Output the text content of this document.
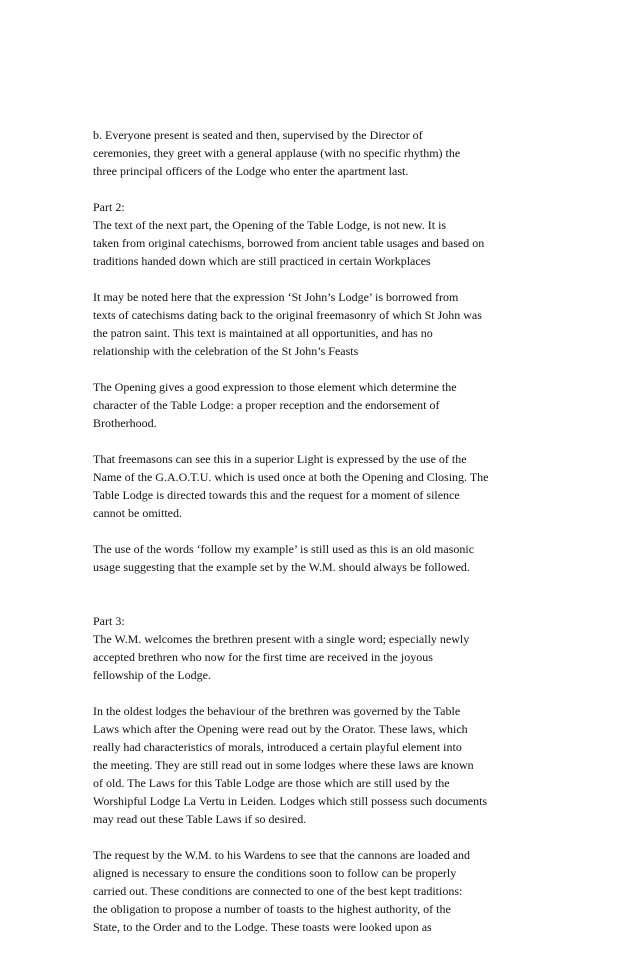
b. Everyone present is seated and then, supervised by the Director of
ceremonies, they greet with a general applause (with no specific rhythm) the
three principal officers of the Lodge who enter the apartment last.

Part 2:
The text of the next part, the Opening of the Table Lodge, is not new. It is
taken from original catechisms, borrowed from ancient table usages and based on
traditions handed down which are still practiced in certain Workplaces

It may be noted here that the expression ‘St John’s Lodge’ is borrowed from
texts of catechisms dating back to the original freemasonry of which St John was
the patron saint. This text is maintained at all opportunities, and has no
relationship with the celebration of the St John’s Feasts

The Opening gives a good expression to those element which determine the
character of the Table Lodge: a proper reception and the endorsement of
Brotherhood.

That freemasons can see this in a superior Light is expressed by the use of the
Name of the G.A.O.T.U. which is used once at both the Opening and Closing. The
Table Lodge is directed towards this and the request for a moment of silence
cannot be omitted.

The use of the words ‘follow my example’ is still used as this is an old masonic
usage suggesting that the example set by the W.M. should always be followed.

Part 3:
The W.M. welcomes the brethren present with a single word; especially newly
accepted brethren who now for the first time are received in the joyous
fellowship of the Lodge.

In the oldest lodges the behaviour of the brethren was governed by the Table
Laws which after the Opening were read out by the Orator. These laws, which
really had characteristics of morals, introduced a certain playful element into
the meeting. They are still read out in some lodges where these laws are known
of old. The Laws for this Table Lodge are those which are still used by the
Worshipful Lodge La Vertu in Leiden. Lodges which still possess such documents
may read out these Table Laws if so desired.

The request by the W.M. to his Wardens to see that the cannons are loaded and
aligned is necessary to ensure the conditions soon to follow can be properly
carried out. These conditions are connected to one of the best kept traditions:
the obligation to propose a number of toasts to the highest authority, of the
State, to the Order and to the Lodge. These toasts were looked upon as
